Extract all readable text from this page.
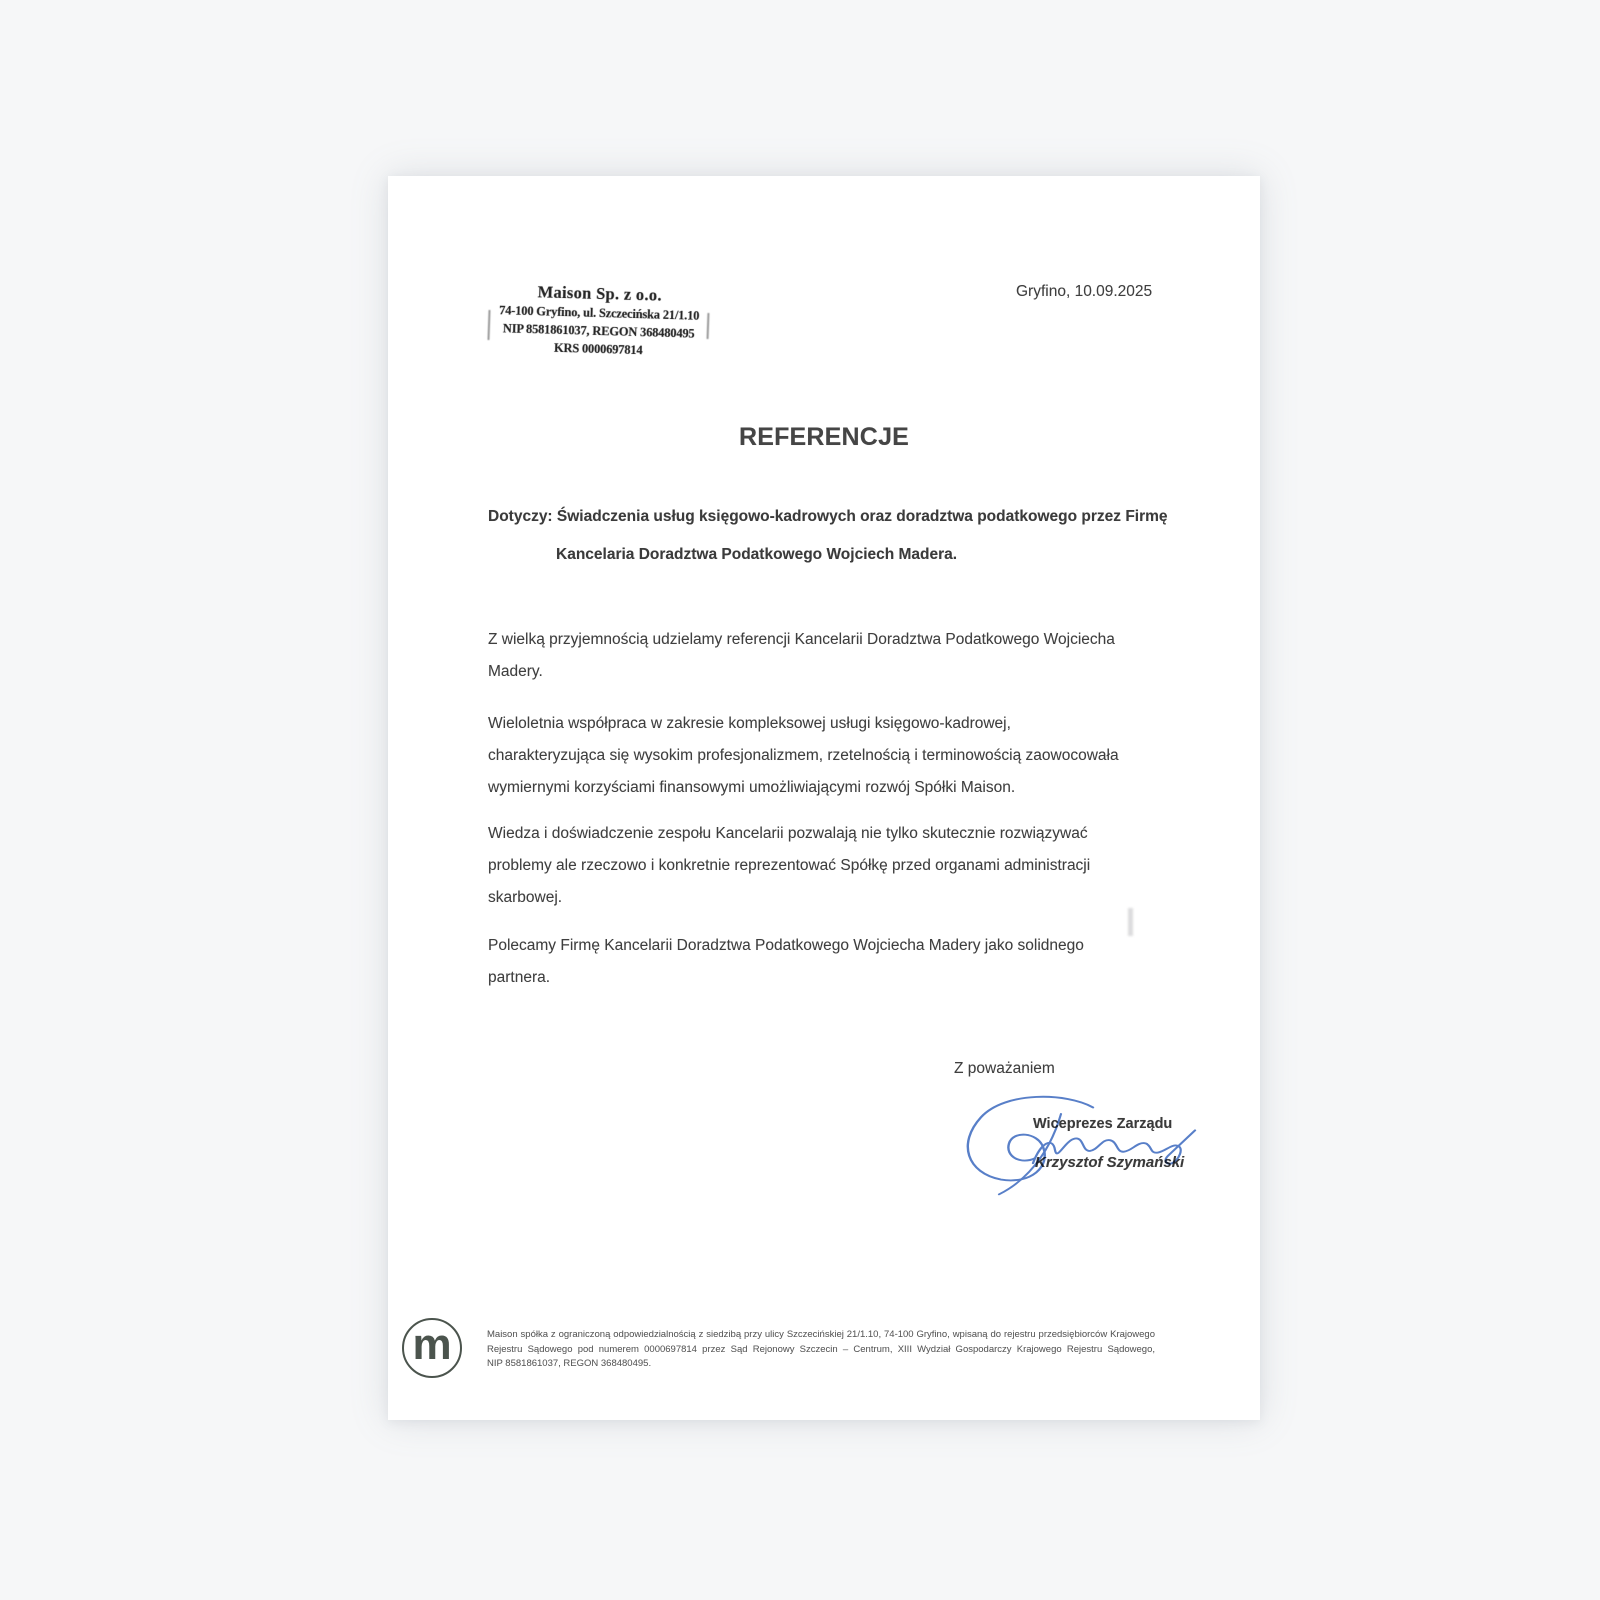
Maison Sp. z o.o.
74-100 Gryfino, ul. Szczecińska 21/1.10
NIP 8581861037, REGON 368480495
KRS 0000697814
Gryfino, 10.09.2025
REFERENCJE
Dotyczy: Świadczenia usług księgowo-kadrowych oraz doradztwa podatkowego przez Firmę
Kancelaria Doradztwa Podatkowego Wojciech Madera.
Z wielką przyjemnością udzielamy referencji Kancelarii Doradztwa Podatkowego Wojciecha
Madery.
Wieloletnia współpraca w zakresie kompleksowej usługi księgowo-kadrowej,
charakteryzująca się wysokim profesjonalizmem, rzetelnością i terminowością zaowocowała
wymiernymi korzyściami finansowymi umożliwiającymi rozwój Spółki Maison.
Wiedza i doświadczenie zespołu Kancelarii pozwalają nie tylko skutecznie rozwiązywać
problemy ale rzeczowo i konkretnie reprezentować Spółkę przed organami administracji
skarbowej.
Polecamy Firmę Kancelarii Doradztwa Podatkowego Wojciecha Madery jako solidnego
partnera.
Z poważaniem
Wiceprezes Zarządu
Krzysztof Szymański
m	Maison spółka z ograniczoną odpowiedzialnością z siedzibą przy ulicy Szczecińskiej 21/1.10, 74-100 Gryfino, wpisaną do rejestru przedsiębiorców Krajowego
Rejestru Sądowego pod numerem 0000697814 przez Sąd Rejonowy Szczecin – Centrum, XIII Wydział Gospodarczy Krajowego Rejestru Sądowego,
NIP 8581861037, REGON 368480495.
